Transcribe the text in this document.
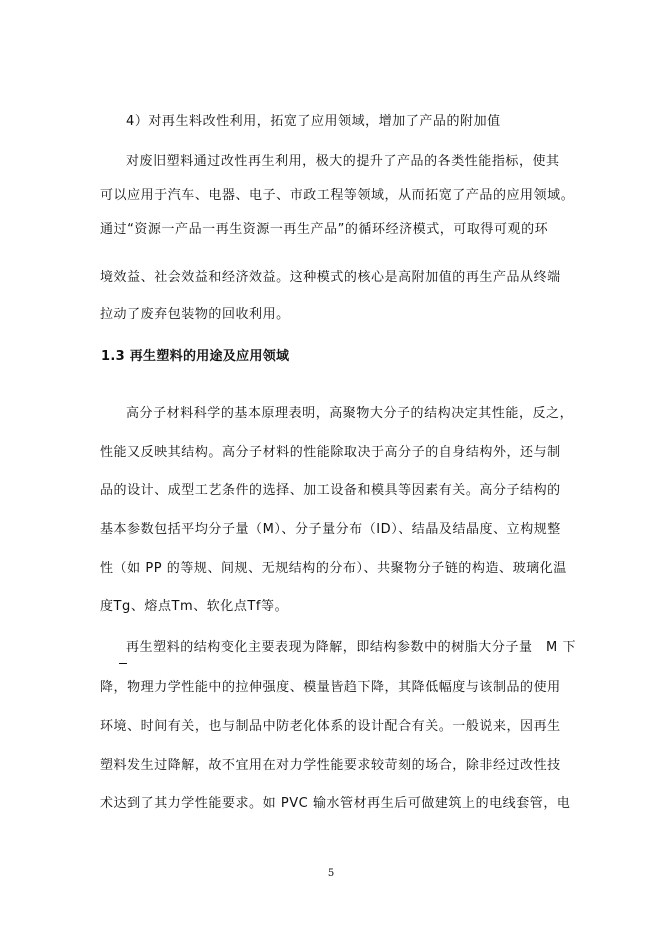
4）对再生料改性利用，拓宽了应用领域，增加了产品的附加值
对废旧塑料通过改性再生利用，极大的提升了产品的各类性能指标，使其
可以应用于汽车、电器、电子、市政工程等领域，从而拓宽了产品的应用领域。
通过“资源一产品一再生资源一再生产品”的循环经济模式，可取得可观的环
境效益、社会效益和经济效益。这种模式的核心是高附加值的再生产品从终端
拉动了废弃包装物的回收利用。
1.3 再生塑料的用途及应用领域
高分子材料科学的基本原理表明，高聚物大分子的结构决定其性能，反之，
性能又反映其结构。高分子材料的性能除取决于高分子的自身结构外，还与制
品的设计、成型工艺条件的选择、加工设备和模具等因素有关。高分子结构的
基本参数包括平均分子量（M）、分子量分布（ID）、结晶及结晶度、立构规整
性（如 PP 的等规、间规、无规结构的分布）、共聚物分子链的构造、玻璃化温
度Tg、熔点Tm、软化点Tf等。
再生塑料的结构变化主要表现为降解，即结构参数中的树脂大分子量　M 下
降，物理力学性能中的拉伸强度、模量皆趋下降，其降低幅度与该制品的使用
环境、时间有关，也与制品中防老化体系的设计配合有关。一般说来，因再生
塑料发生过降解，故不宜用在对力学性能要求较苛刻的场合，除非经过改性技
术达到了其力学性能要求。如 PVC 输水管材再生后可做建筑上的电线套管，电
5
